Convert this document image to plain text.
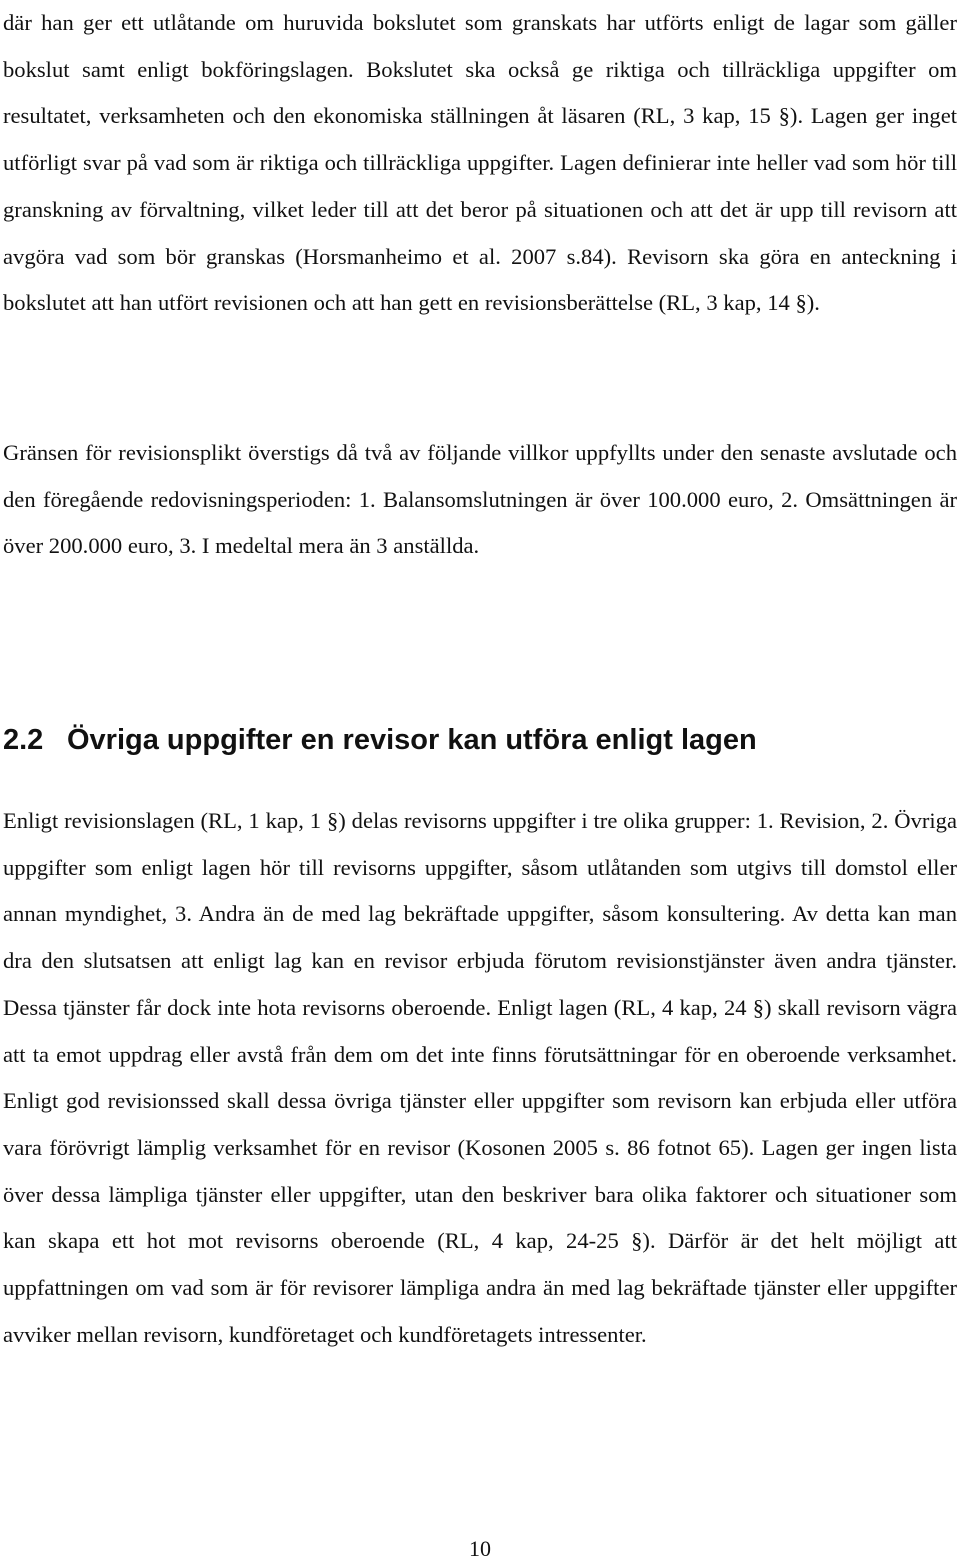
där han ger ett utlåtande om huruvida bokslutet som granskats har utförts enligt de lagar som gäller bokslut samt enligt bokföringslagen. Bokslutet ska också ge riktiga och tillräckliga uppgifter om resultatet, verksamheten och den ekonomiska ställningen åt läsaren (RL, 3 kap, 15 §). Lagen ger inget utförligt svar på vad som är riktiga och tillräckliga uppgifter. Lagen definierar inte heller vad som hör till granskning av förvaltning, vilket leder till att det beror på situationen och att det är upp till revisorn att avgöra vad som bör granskas (Horsmanheimo et al. 2007 s.84). Revisorn ska göra en anteckning i bokslutet att han utfört revisionen och att han gett en revisionsberättelse (RL, 3 kap, 14 §).

Gränsen för revisionsplikt överstigs då två av följande villkor uppfyllts under den senaste avslutade och den föregående redovisningsperioden: 1. Balansomslutningen är över 100.000 euro, 2. Omsättningen är över 200.000 euro, 3. I medeltal mera än 3 anställda.

2.2 Övriga uppgifter en revisor kan utföra enligt lagen

Enligt revisionslagen (RL, 1 kap, 1 §) delas revisorns uppgifter i tre olika grupper: 1. Revision, 2. Övriga uppgifter som enligt lagen hör till revisorns uppgifter, såsom utlåtanden som utgivs till domstol eller annan myndighet, 3. Andra än de med lag bekräftade uppgifter, såsom konsultering. Av detta kan man dra den slutsatsen att enligt lag kan en revisor erbjuda förutom revisionstjänster även andra tjänster. Dessa tjänster får dock inte hota revisorns oberoende. Enligt lagen (RL, 4 kap, 24 §) skall revisorn vägra att ta emot uppdrag eller avstå från dem om det inte finns förutsättningar för en oberoende verksamhet. Enligt god revisionssed skall dessa övriga tjänster eller uppgifter som revisorn kan erbjuda eller utföra vara förövrigt lämplig verksamhet för en revisor (Kosonen 2005 s. 86 fotnot 65). Lagen ger ingen lista över dessa lämpliga tjänster eller uppgifter, utan den beskriver bara olika faktorer och situationer som kan skapa ett hot mot revisorns oberoende (RL, 4 kap, 24-25 §). Därför är det helt möjligt att uppfattningen om vad som är för revisorer lämpliga andra än med lag bekräftade tjänster eller uppgifter avviker mellan revisorn, kundföretaget och kundföretagets intressenter.

10
